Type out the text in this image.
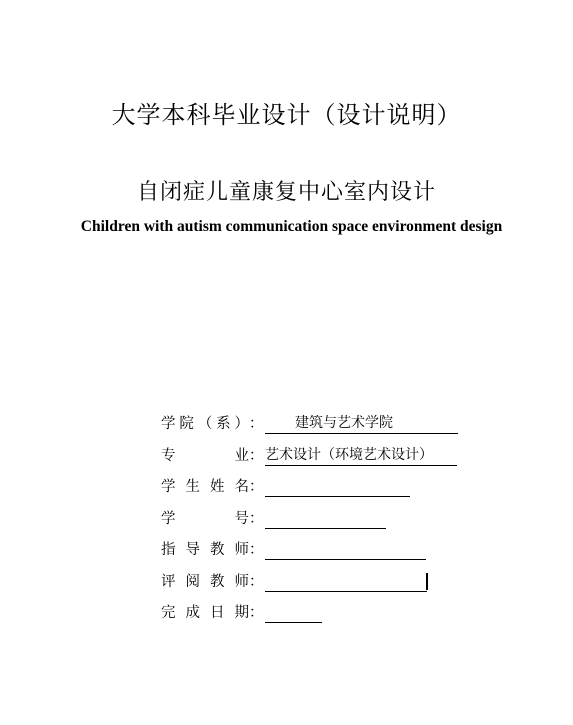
大学本科毕业设计（设计说明）
自闭症儿童康复中心室内设计
Children with autism communication space environment design
学 院 （ 系 ） ：	建筑与艺术学院
专	业 ： 艺术设计（环境艺术设计）
学 生 姓 名 ：
学	号 ：
指 导 教 师 ：
评 阅 教 师 ：
完 成 日 期 ：
